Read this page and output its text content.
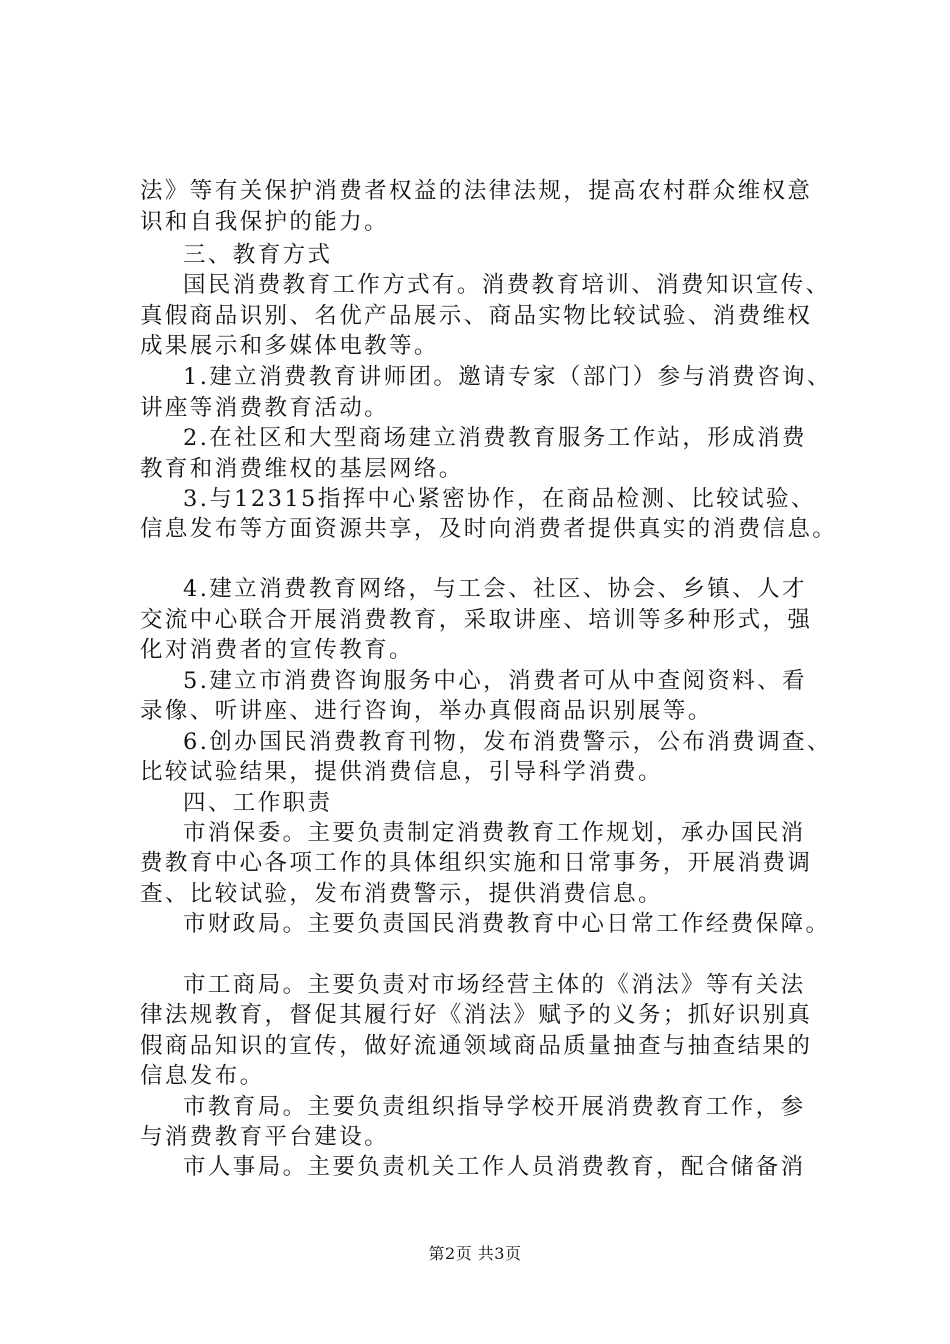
法》等有关保护消费者权益的法律法规，提高农村群众维权意
识和自我保护的能力。
三、教育方式
国民消费教育工作方式有。消费教育培训、消费知识宣传、
真假商品识别、名优产品展示、商品实物比较试验、消费维权
成果展示和多媒体电教等。
1.建立消费教育讲师团。邀请专家（部门）参与消费咨询、
讲座等消费教育活动。
2.在社区和大型商场建立消费教育服务工作站，形成消费
教育和消费维权的基层网络。
3.与12315指挥中心紧密协作，在商品检测、比较试验、
信息发布等方面资源共享，及时向消费者提供真实的消费信息。
4.建立消费教育网络，与工会、社区、协会、乡镇、人才
交流中心联合开展消费教育，采取讲座、培训等多种形式，强
化对消费者的宣传教育。
5.建立市消费咨询服务中心，消费者可从中查阅资料、看
录像、听讲座、进行咨询，举办真假商品识别展等。
6.创办国民消费教育刊物，发布消费警示，公布消费调查、
比较试验结果，提供消费信息，引导科学消费。
四、工作职责
市消保委。主要负责制定消费教育工作规划，承办国民消
费教育中心各项工作的具体组织实施和日常事务，开展消费调
查、比较试验，发布消费警示，提供消费信息。
市财政局。主要负责国民消费教育中心日常工作经费保障。
市工商局。主要负责对市场经营主体的《消法》等有关法
律法规教育，督促其履行好《消法》赋予的义务；抓好识别真
假商品知识的宣传，做好流通领域商品质量抽查与抽查结果的
信息发布。
市教育局。主要负责组织指导学校开展消费教育工作，参
与消费教育平台建设。
市人事局。主要负责机关工作人员消费教育，配合储备消
第2页 共3页
